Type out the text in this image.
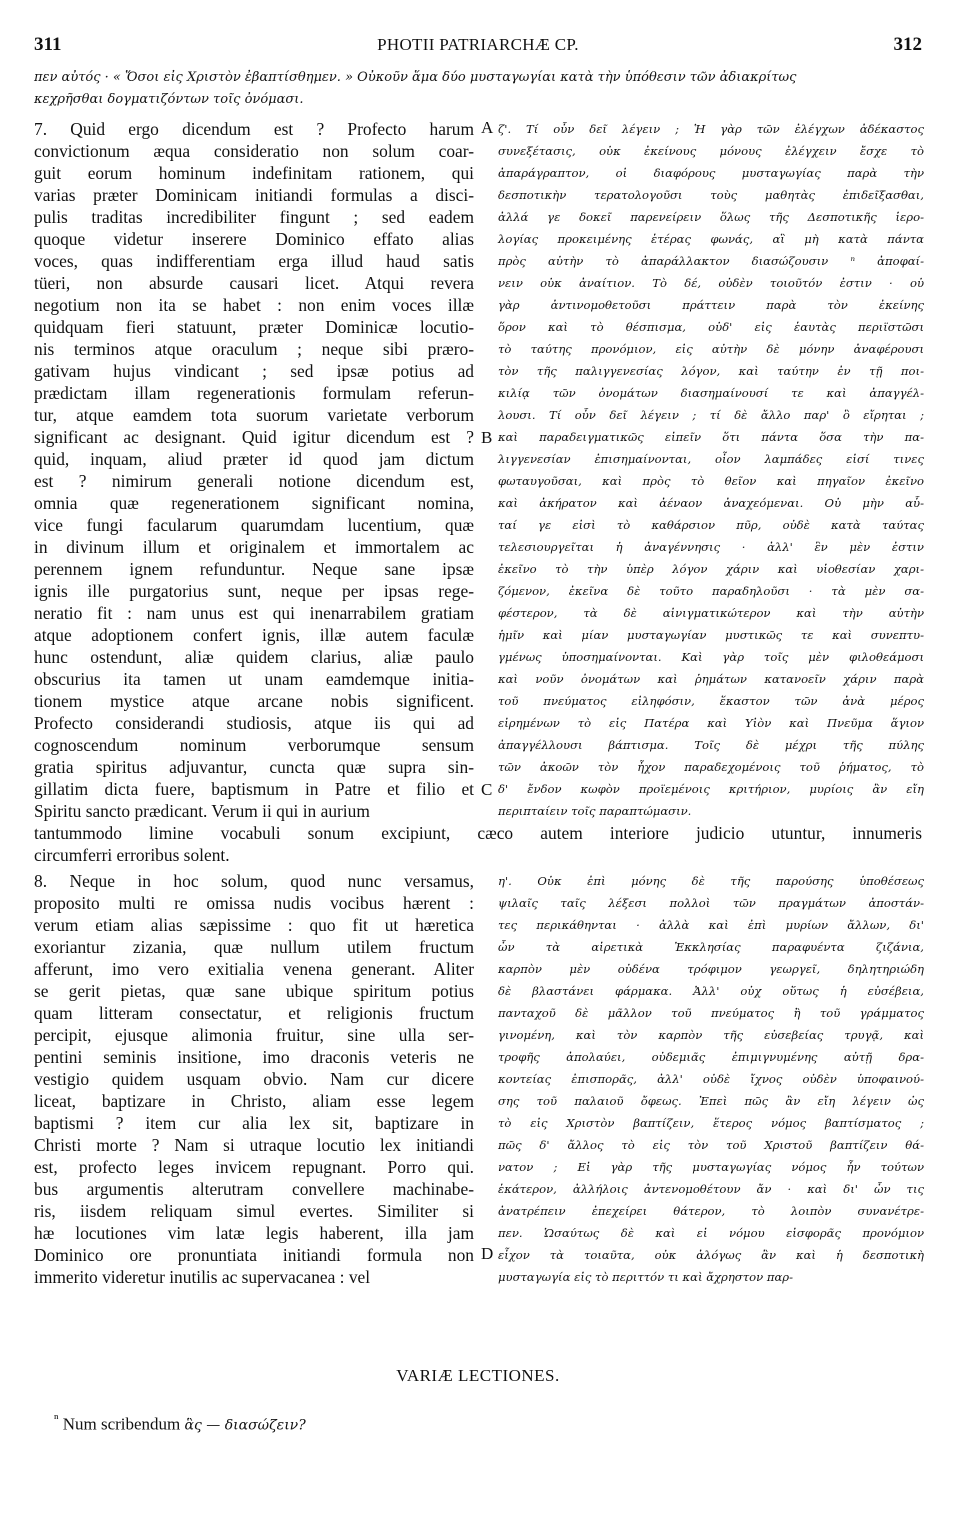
311	PHOTII PATRIARCHÆ CP.	312
πεν αὐτός · « Ὅσοι εἰς Χριστὸν ἐβαπτίσθημεν. » Οὐκοῦν ἅμα δύο μυσταγωγίαι κατὰ τὴν ὑπόθεσιν τῶν ἀδιακρίτως
κεχρῆσθαι δογματιζόντων τοῖς ὀνόμασι.
7. Quid ergo dicendum est ? Profecto harum
convictionum æqua consideratio non solum coar-
guit eorum hominum indefinitam rationem, qui
varias præter Dominicam initiandi formulas a disci-
pulis traditas incredibiliter fingunt ; sed eadem
quoque videtur inserere Dominico effato alias
voces, quas indifferentiam erga illud haud satis
tüeri, non absurde causari licet. Atqui revera
negotium non ita se habet : non enim voces illæ
quidquam fieri statuunt, præter Dominicæ locutio-
nis terminos atque oraculum ; neque sibi præro-
gativam hujus vindicant ; sed ipsæ potius ad
prædictam illam regenerationis formulam referun-
tur, atque eamdem tota suorum varietate verborum
significant ac designant. Quid igitur dicendum est ?
quid, inquam, aliud præter id quod jam dictum
est ? nimirum generali notione dicendum est,
omnia quæ regenerationem significant nomina,
vice fungi facularum quarumdam lucentium, quæ
in divinum illum et originalem et immortalem ac
perennem ignem refunduntur. Neque sane ipsæ
ignis ille purgatorius sunt, neque per ipsas rege-
neratio fit : nam unus est qui inenarrabilem gratiam
atque adoptionem confert ignis, illæ autem faculæ
hunc ostendunt, aliæ quidem clarius, aliæ paulo
obscurius ita tamen ut unam eamdemque initia-
tionem mystice atque arcane nobis significent.
Profecto considerandi studiosis, atque iis qui ad
cognoscendum nominum verborumque sensum
gratia spiritus adjuvantur, cuncta quæ supra sin-
gillatim dicta fuere, baptismum in Patre et filio et
Spiritu sancto prædicant. Verum ii qui in aurium
ζ'. Τί οὖν δεῖ λέγειν ; Ἡ γὰρ τῶν ἐλέγχων ἀδέκαστος
συνεξέτασις, οὐκ ἐκείνους μόνους ἐλέγχειν ἔσχε τὸ
ἀπαράγραπτον, οἱ διαφόρους μυσταγωγίας παρὰ τὴν
δεσποτικὴν τερατολογοῦσι τοὺς μαθητὰς ἐπιδεῖξασθαι,
ἀλλά γε δοκεῖ παρενείρειν ὅλως τῆς Δεσποτικῆς ἱερο-
λογίας προκειμένης ἑτέρας φωνάς, αἳ μὴ κατὰ πάντα
πρὸς αὐτὴν τὸ ἀπαράλλακτον διασώζουσιν ⁿ ἀποφαί-
νειν οὐκ ἀναίτιον. Τὸ δέ, οὐδὲν τοιοῦτόν ἐστιν · οὐ
γὰρ ἀντινομοθετοῦσι πράττειν παρὰ τὸν ἐκείνης
ὅρον καὶ τὸ θέσπισμα, οὐδ' εἰς ἑαυτὰς περιϊστῶσι
τὸ ταύτης προνόμιον, εἰς αὐτὴν δὲ μόνην ἀναφέρουσι
τὸν τῆς παλιγγενεσίας λόγον, καὶ ταύτην ἐν τῇ ποι-
κιλίᾳ τῶν ὀνομάτων διασημαίνουσί τε καὶ ἀπαγγέλ-
λουσι. Τί οὖν δεῖ λέγειν ; τί δὲ ἄλλο παρ' ὃ εἴρηται ;
καὶ παραδειγματικῶς εἰπεῖν ὅτι πάντα ὅσα τὴν πα-
λιγγενεσίαν ἐπισημαίνονται, οἷον λαμπάδες εἰσί τινες
φωταυγοῦσαι, καὶ πρὸς τὸ θεῖον καὶ πηγαῖον ἐκεῖνο
καὶ ἀκήρατον καὶ ἀέναον ἀναχεόμεναι. Οὐ μὴν αὗ-
ταί γε εἰσὶ τὸ καθάρσιον πῦρ, οὐδὲ κατὰ ταύτας
τελεσιουργεῖται ἡ ἀναγέννησις · ἀλλ' ἓν μὲν ἐστιν
ἐκεῖνο τὸ τὴν ὑπὲρ λόγον χάριν καὶ υἱοθεσίαν χαρι-
ζόμενον, ἐκεῖνα δὲ τοῦτο παραδηλοῦσι · τὰ μὲν σα-
φέστερον, τὰ δὲ αἰνιγματικώτερον καὶ τὴν αὐτὴν
ἡμῖν καὶ μίαν μυσταγωγίαν μυστικῶς τε καὶ συνεπτυ-
γμένως ὑποσημαίνονται. Καὶ γὰρ τοῖς μὲν φιλοθεάμοσι
καὶ νοῦν ὀνομάτων καὶ ῥημάτων κατανοεῖν χάριν παρὰ
τοῦ πνεύματος εἰληφόσιν, ἕκαστον τῶν ἀνὰ μέρος
εἰρημένων τὸ εἰς Πατέρα καὶ Υἱὸν καὶ Πνεῦμα ἅγιον
ἀπαγγέλλουσι βάπτισμα. Τοῖς δὲ μέχρι τῆς πύλης
τῶν ἀκοῶν τὸν ἦχον παραδεχομένοις τοῦ ῥήματος, τὸ
δ' ἔνδον κωφὸν προϊεμένοις κριτήριον, μυρίοις ἂν εἴη
περιπταίειν τοῖς παραπτώμασιν.
tantummodo limine vocabuli sonum excipiunt, cæco autem interiore judicio utuntur, innumeris
circumferri erroribus solent.
8. Neque in hoc solum, quod nunc versamus,
proposito multi re omissa nudis vocibus hærent :
verum etiam alias sæpissime : quo fit ut hæretica
exoriantur zizania, quæ nullum utilem fructum
afferunt, imo vero exitialia venena generant. Aliter
se gerit pietas, quæ sane ubique spiritum potius
quam litteram consectatur, et religionis fructum
percipit, ejusque alimonia fruitur, sine ulla ser-
pentini seminis insitione, imo draconis veteris ne
vestigio quidem usquam obvio. Nam cur dicere
liceat, baptizare in Christo, aliam esse legem
baptismi ? item cur alia lex sit, baptizare in
Christi morte ? Nam si utraque locutio lex initiandi
est, profecto leges invicem repugnant. Porro qui.
bus argumentis alterutram convellere machinabe-
ris, iisdem reliquam simul evertes. Similiter si
hæ locutiones vim latæ legis haberent, illa jam
Dominico ore pronuntiata initiandi formula non
immerito videretur inutilis ac supervacanea : vel
η'. Οὐκ ἐπὶ μόνης δὲ τῆς παρούσης ὑποθέσεως
ψιλαῖς ταῖς λέξεσι πολλοὶ τῶν πραγμάτων ἀποστάν-
τες περικάθηνται · ἀλλὰ καὶ ἐπὶ μυρίων ἄλλων, δι'
ὧν τὰ αἱρετικὰ Ἐκκλησίας παραφυέντα ζιζάνια,
καρπὸν μὲν οὐδένα τρόφιμον γεωργεῖ, δηλητηριώδη
δὲ βλαστάνει φάρμακα. Ἀλλ' οὐχ οὕτως ἡ εὐσέβεια,
πανταχοῦ δὲ μᾶλλον τοῦ πνεύματος ἢ τοῦ γράμματος
γινομένη, καὶ τὸν καρπὸν τῆς εὐσεβείας τρυγᾷ, καὶ
τροφῆς ἀπολαύει, οὐδεμιᾶς ἐπιμιγνυμένης αὐτῇ δρα-
κοντείας ἐπισπορᾶς, ἀλλ' οὐδὲ ἴχνος οὐδὲν ὑποφαινού-
σης τοῦ παλαιοῦ ὄφεως. Ἐπεὶ πῶς ἂν εἴη λέγειν ὡς
τὸ εἰς Χριστὸν βαπτίζειν, ἕτερος νόμος βαπτίσματος ;
πῶς δ' ἄλλος τὸ εἰς τὸν τοῦ Χριστοῦ βαπτίζειν θά-
νατον ; Εἰ γὰρ τῆς μυσταγωγίας νόμος ἦν τούτων
ἑκάτερον, ἀλλήλοις ἀντενομοθέτουν ἄν · καὶ δι' ὧν τις
ἀνατρέπειν ἐπεχείρει θάτερον, τὸ λοιπὸν συνανέτρε-
πεν. Ὡσαύτως δὲ καὶ εἰ νόμου εἰσφορᾶς προνόμιον
εἶχον τὰ τοιαῦτα, οὐκ ἀλόγως ἂν καὶ ἡ δεσποτικὴ
μυσταγωγία εἰς τὸ περιττόν τι καὶ ἄχρηστον παρ-
A
B
C
D
VARIÆ LECTIONES.
$^{^n}$ Num scribendum ἃς — διασώζειν?
